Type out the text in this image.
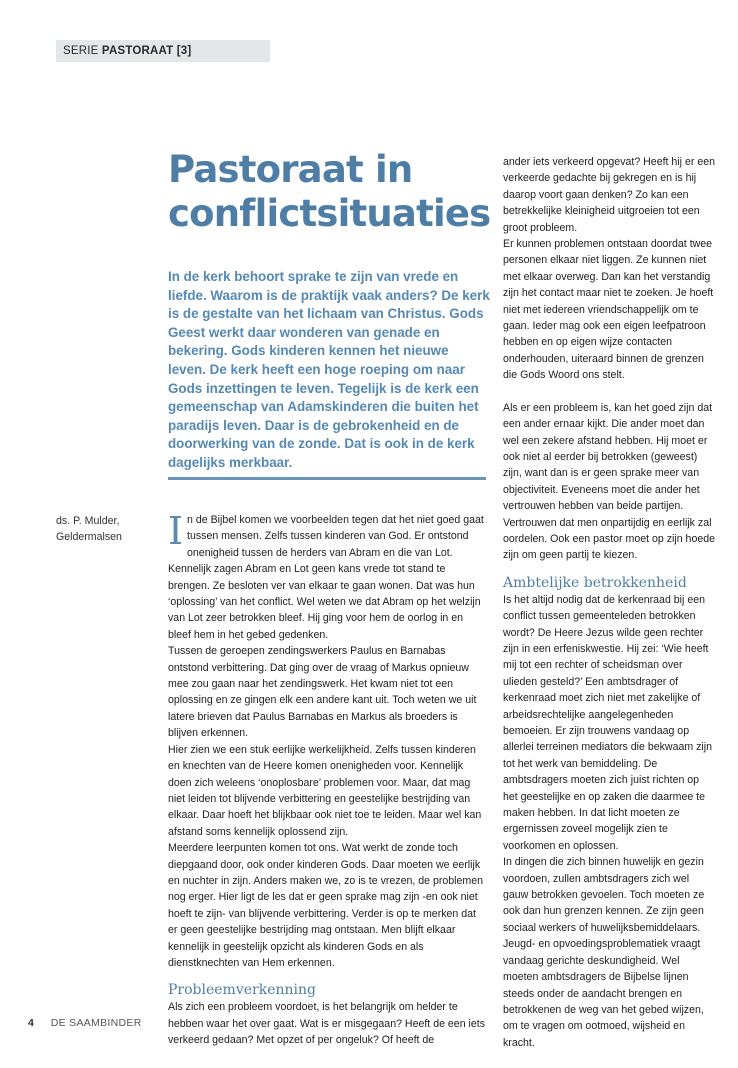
SERIE PASTORAAT [3]
Pastoraat in conflictsituaties

In de kerk behoort sprake te zijn van vrede en liefde. Waarom is de praktijk vaak anders? De kerk is de gestalte van het lichaam van Christus. Gods Geest werkt daar wonderen van genade en bekering. Gods kinderen kennen het nieuwe leven. De kerk heeft een hoge roeping om naar Gods inzettingen te leven. Tegelijk is de kerk een gemeenschap van Adamskinderen die buiten het paradijs leven. Daar is de gebrokenheid en de doorwerking van de zonde. Dat is ook in de kerk dagelijks merkbaar.

ds. P. Mulder,
Geldermalsen	In de Bijbel komen we voorbeelden tegen dat het niet goed gaat tussen mensen. Zelfs tussen kinderen van God. Er ontstond onenigheid tussen de herders van Abram en die van Lot. Kennelijk zagen Abram en Lot geen kans vrede tot stand te brengen. Ze besloten ver van elkaar te gaan wonen. Dat was hun ‘oplossing’ van het conflict. Wel weten we dat Abram op het welzijn van Lot zeer betrokken bleef. Hij ging voor hem de oorlog in en bleef hem in het gebed gedenken.

Tussen de geroepen zendingswerkers Paulus en Barnabas ontstond verbittering. Dat ging over de vraag of Markus opnieuw mee zou gaan naar het zendingswerk. Het kwam niet tot een oplossing en ze gingen elk een andere kant uit. Toch weten we uit latere brieven dat Paulus Barnabas en Markus als broeders is blijven erkennen.

Hier zien we een stuk eerlijke werkelijkheid. Zelfs tussen kinderen en knechten van de Heere komen onenigheden voor. Kennelijk doen zich weleens ‘onoplosbare’ problemen voor. Maar, dat mag niet leiden tot blijvende verbittering en geestelijke bestrijding van elkaar. Daar hoeft het blijkbaar ook niet toe te leiden. Maar wel kan afstand soms kennelijk oplossend zijn.

Meerdere leerpunten komen tot ons. Wat werkt de zonde toch diepgaand door, ook onder kinderen Gods. Daar moeten we eerlijk en nuchter in zijn. Anders maken we, zo is te vrezen, de problemen nog erger. Hier ligt de les dat er geen sprake mag zijn -en ook niet hoeft te zijn- van blijvende verbittering. Verder is op te merken dat er geen geestelijke bestrijding mag ontstaan. Men blijft elkaar kennelijk in geestelijk opzicht als kinderen Gods en als dienstknechten van Hem erkennen.

Probleemverkenning

Als zich een probleem voordoet, is het belangrijk om helder te hebben waar het over gaat. Wat is er misgegaan? Heeft de een iets verkeerd gedaan? Met opzet of per ongeluk? Of heeft de

ander iets verkeerd opgevat? Heeft hij er een verkeerde gedachte bij gekregen en is hij daarop voort gaan denken? Zo kan een betrekkelijke kleinigheid uitgroeien tot een groot probleem.

Er kunnen problemen ontstaan doordat twee personen elkaar niet liggen. Ze kunnen niet met elkaar overweg. Dan kan het verstandig zijn het contact maar niet te zoeken. Je hoeft niet met iedereen vriendschappelijk om te gaan. Ieder mag ook een eigen leefpatroon hebben en op eigen wijze contacten onderhouden, uiteraard binnen de grenzen die Gods Woord ons stelt.

Als er een probleem is, kan het goed zijn dat een ander ernaar kijkt. Die ander moet dan wel een zekere afstand hebben. Hij moet er ook niet al eerder bij betrokken (geweest) zijn, want dan is er geen sprake meer van objectiviteit. Eveneens moet die ander het vertrouwen hebben van beide partijen. Vertrouwen dat men onpartijdig en eerlijk zal oordelen. Ook een pastor moet op zijn hoede zijn om geen partij te kiezen.

Ambtelijke betrokkenheid

Is het altijd nodig dat de kerkenraad bij een conflict tussen gemeenteleden betrokken wordt? De Heere Jezus wilde geen rechter zijn in een erfeniskwestie. Hij zei: ‘Wie heeft mij tot een rechter of scheidsman over ulieden gesteld?’ Een ambtsdrager of kerkenraad moet zich niet met zakelijke of arbeidsrechtelijke aangelegenheden bemoeien. Er zijn trouwens vandaag op allerlei terreinen mediators die bekwaam zijn tot het werk van bemiddeling. De ambtsdragers moeten zich juist richten op het geestelijke en op zaken die daarmee te maken hebben. In dat licht moeten ze ergernissen zoveel mogelijk zien te voorkomen en oplossen.

In dingen die zich binnen huwelijk en gezin voordoen, zullen ambtsdragers zich wel gauw betrokken gevoelen. Toch moeten ze ook dan hun grenzen kennen. Ze zijn geen sociaal werkers of huwelijksbemiddelaars. Jeugd- en opvoedingsproblematiek vraagt vandaag gerichte deskundigheid. Wel moeten ambtsdragers de Bijbelse lijnen steeds onder de aandacht brengen en betrokkenen de weg van het gebed wijzen, om te vragen om ootmoed, wijsheid en kracht.

4 DE SAAMBINDER
